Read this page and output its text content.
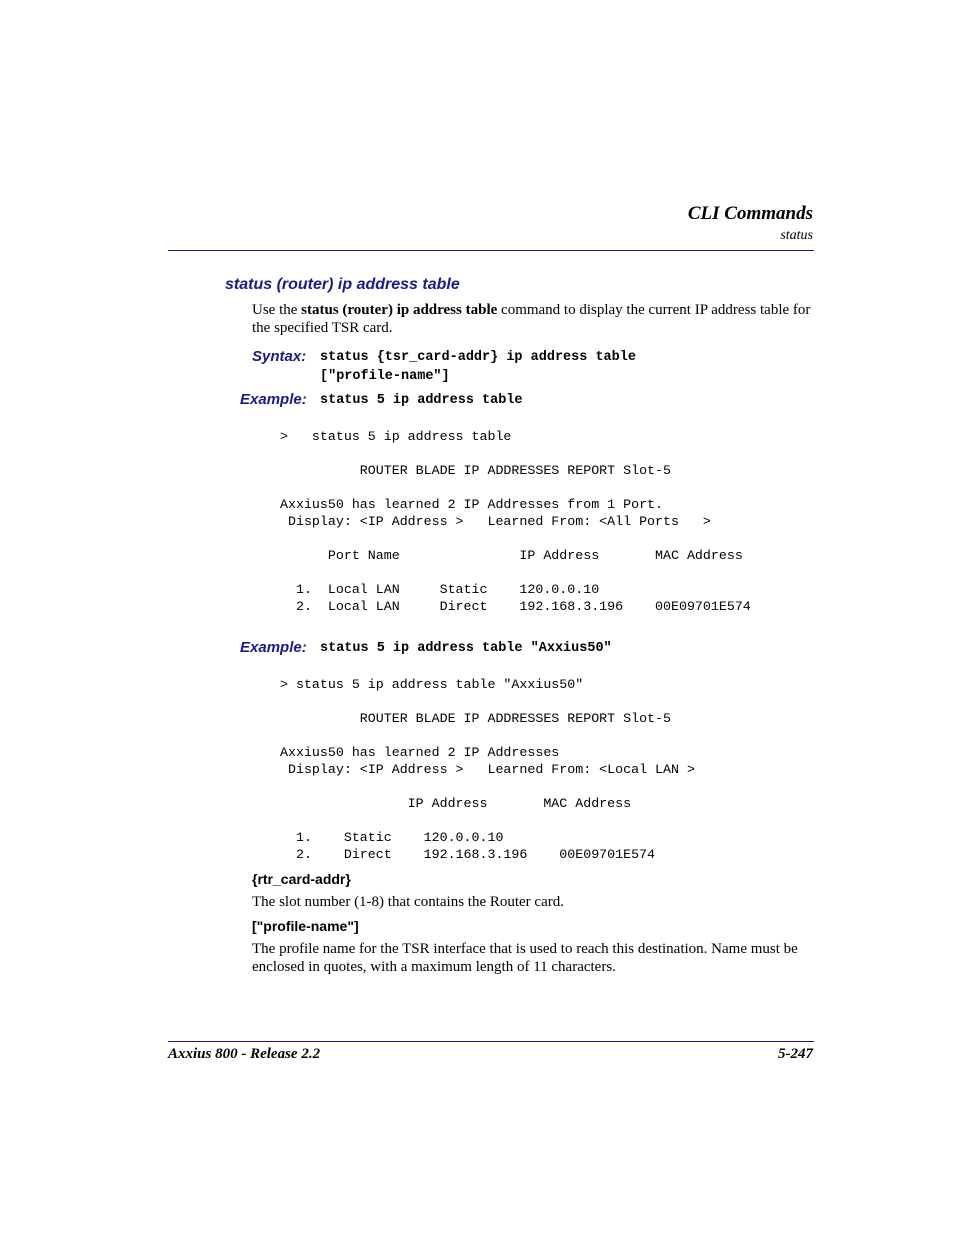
CLI Commands
status
status (router) ip address table
Use the status (router) ip address table command to display the current IP address table for the specified TSR card.
Syntax: status {tsr_card-addr} ip address table
["profile-name"]
Example: status 5 ip address table

>   status 5 ip address table
ROUTER BLADE IP ADDRESSES REPORT Slot-5
Axxius50 has learned 2 IP Addresses from 1 Port.
Display: <IP Address >   Learned From: <All Ports   >
Port Name               IP Address       MAC Address
1.  Local LAN     Static    120.0.0.10
2.  Local LAN     Direct    192.168.3.196    00E09701E574

Example: status 5 ip address table "Axxius50"

> status 5 ip address table "Axxius50"
ROUTER BLADE IP ADDRESSES REPORT Slot-5
Axxius50 has learned 2 IP Addresses
Display: <IP Address >   Learned From: <Local LAN >
IP Address       MAC Address
1.    Static    120.0.0.10
2.    Direct    192.168.3.196    00E09701E574

{rtr_card-addr}
The slot number (1-8) that contains the Router card.
["profile-name"]
The profile name for the TSR interface that is used to reach this destination. Name must be enclosed in quotes, with a maximum length of 11 characters.
Axxius 800 - Release 2.2	5-247
